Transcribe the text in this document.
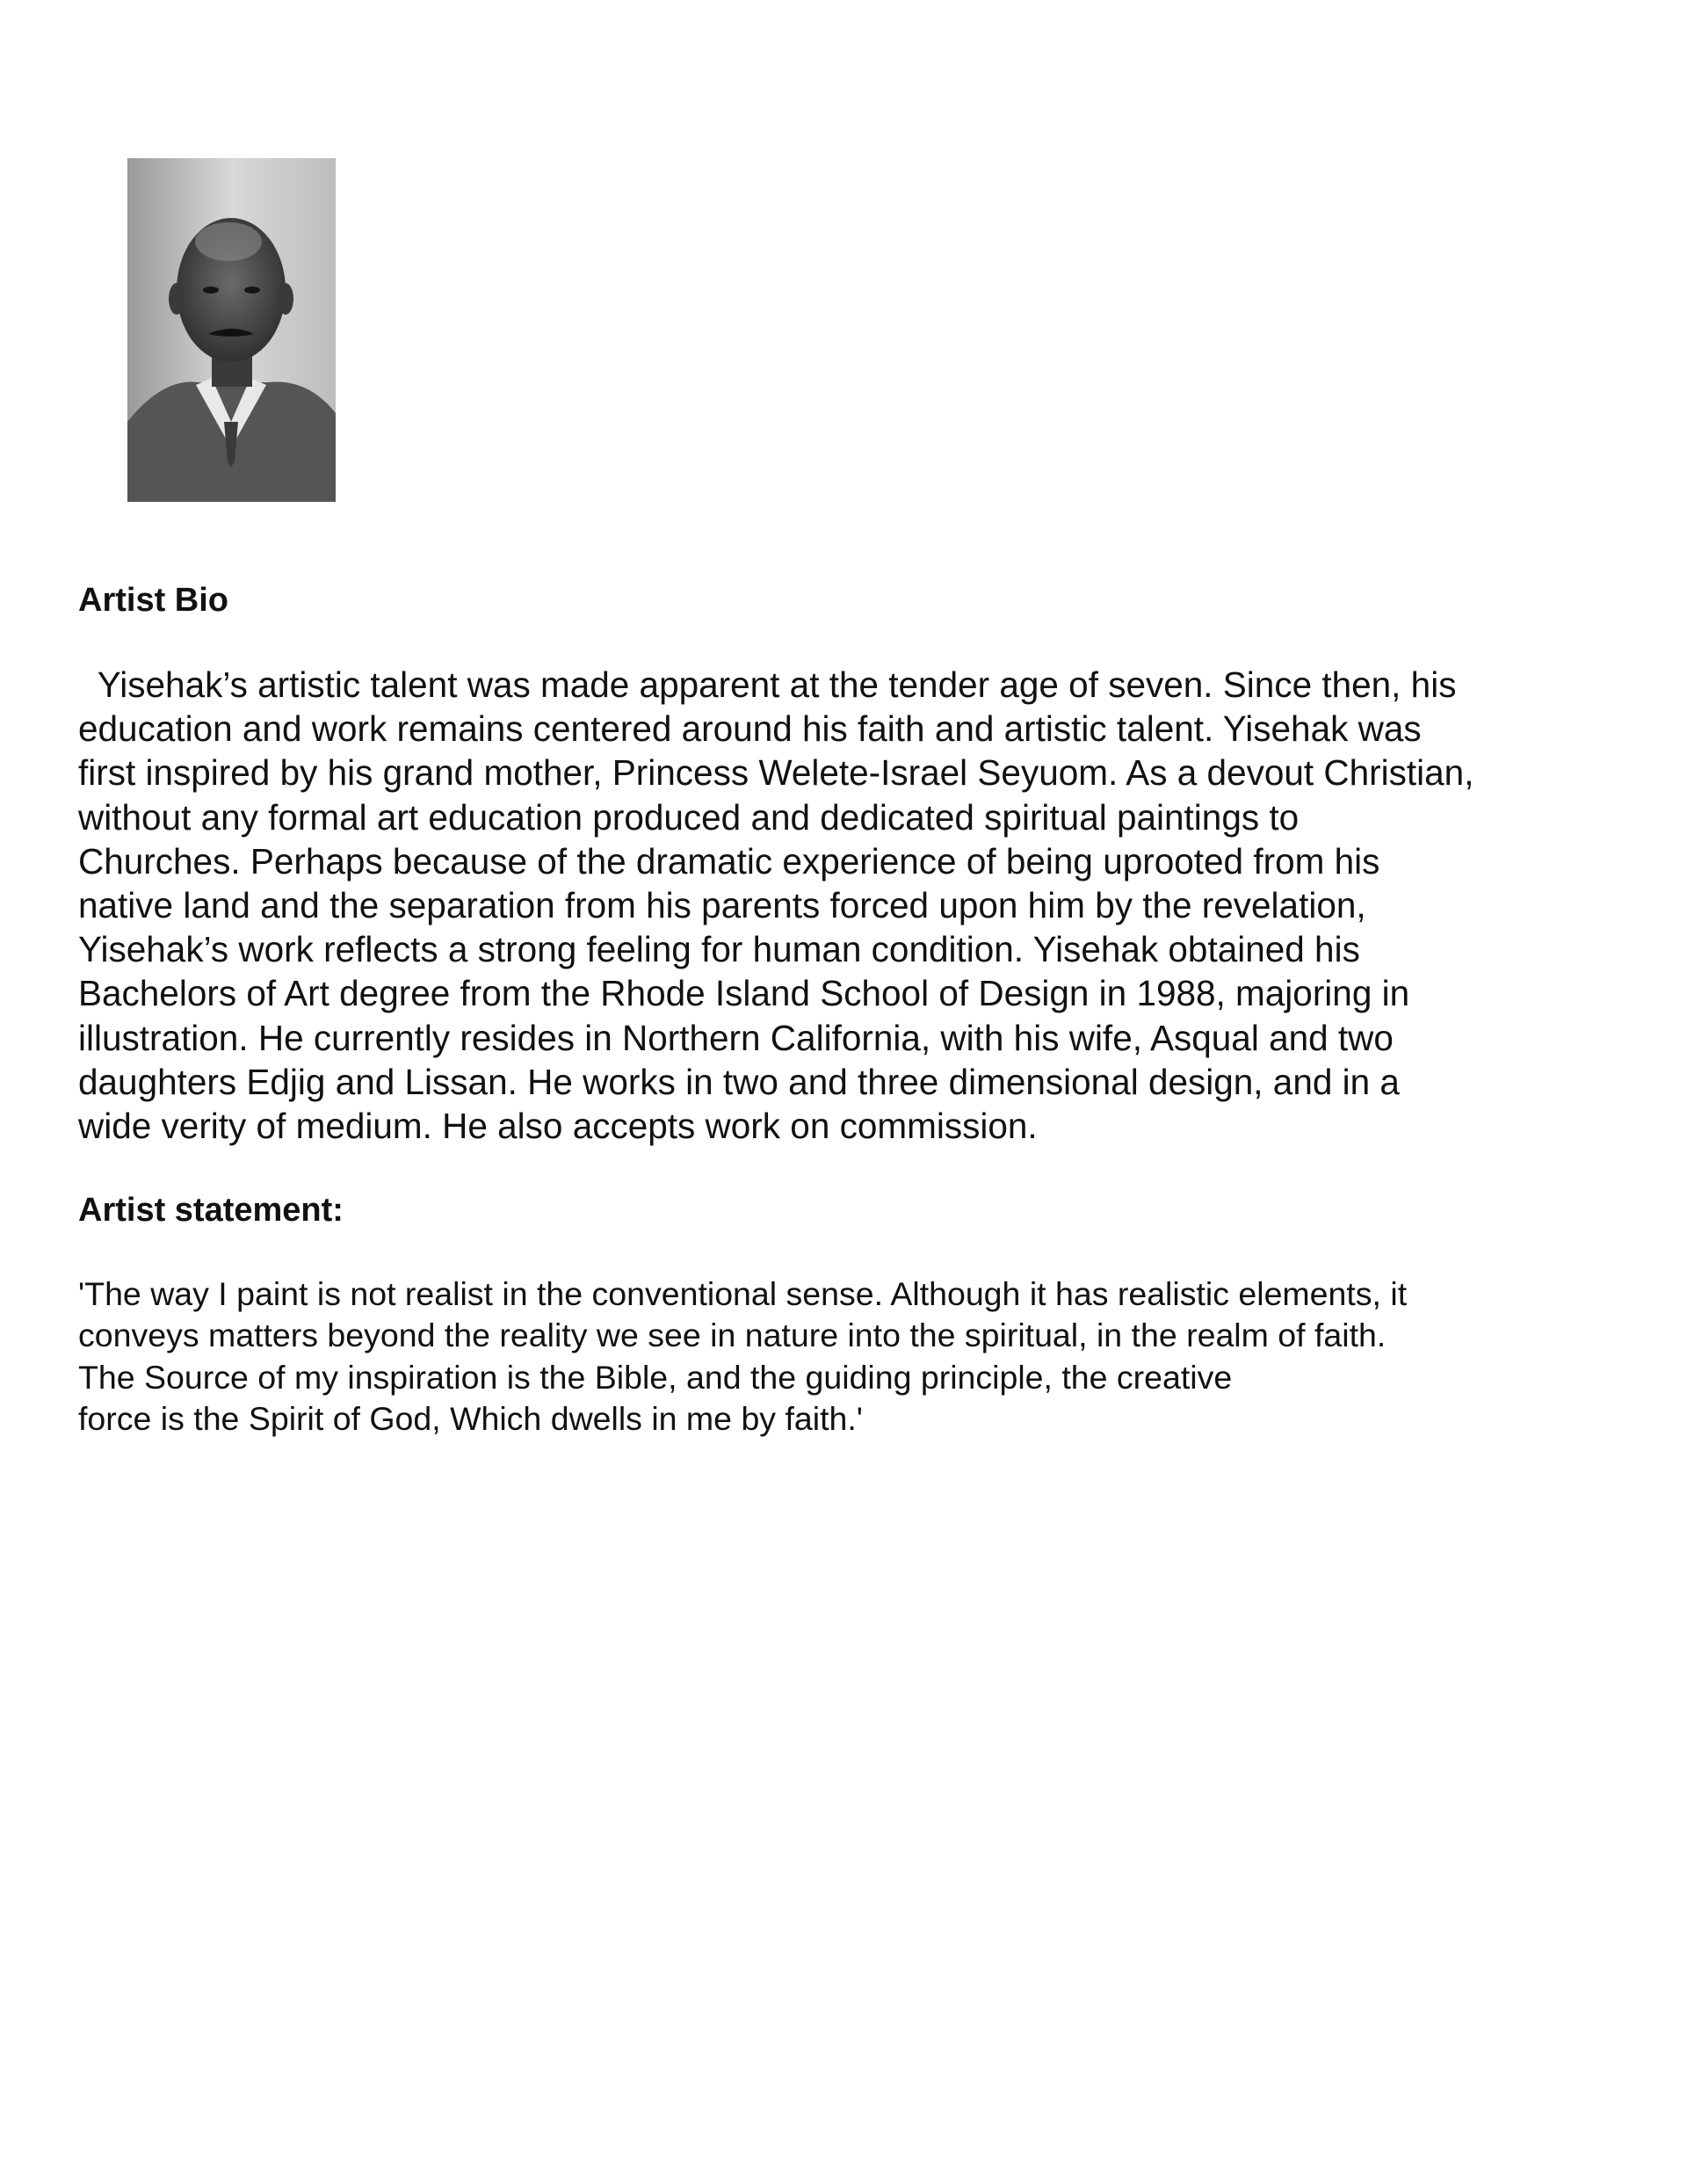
Artist Bio
Yisehak’s artistic talent was made apparent at the tender age of seven. Since then, his
education and work remains centered around his faith and artistic talent. Yisehak was
first inspired by his grand mother, Princess Welete-Israel Seyuom. As a devout Christian,
without any formal art education produced and dedicated spiritual paintings to
Churches. Perhaps because of the dramatic experience of being uprooted from his
native land and the separation from his parents forced upon him by the revelation,
Yisehak’s work reflects a strong feeling for human condition. Yisehak obtained his
Bachelors of Art degree from the Rhode Island School of Design in 1988, majoring in
illustration. He currently resides in Northern California, with his wife, Asqual and two
daughters Edjig and Lissan. He works in two and three dimensional design, and in a
wide verity of medium. He also accepts work on commission.
Artist statement:
'The way I paint is not realist in the conventional sense. Although it has realistic elements, it
conveys matters beyond the reality we see in nature into the spiritual, in the realm of faith.
The Source of my inspiration is the Bible, and the guiding principle, the creative
force is the Spirit of God, Which dwells in me by faith.'
